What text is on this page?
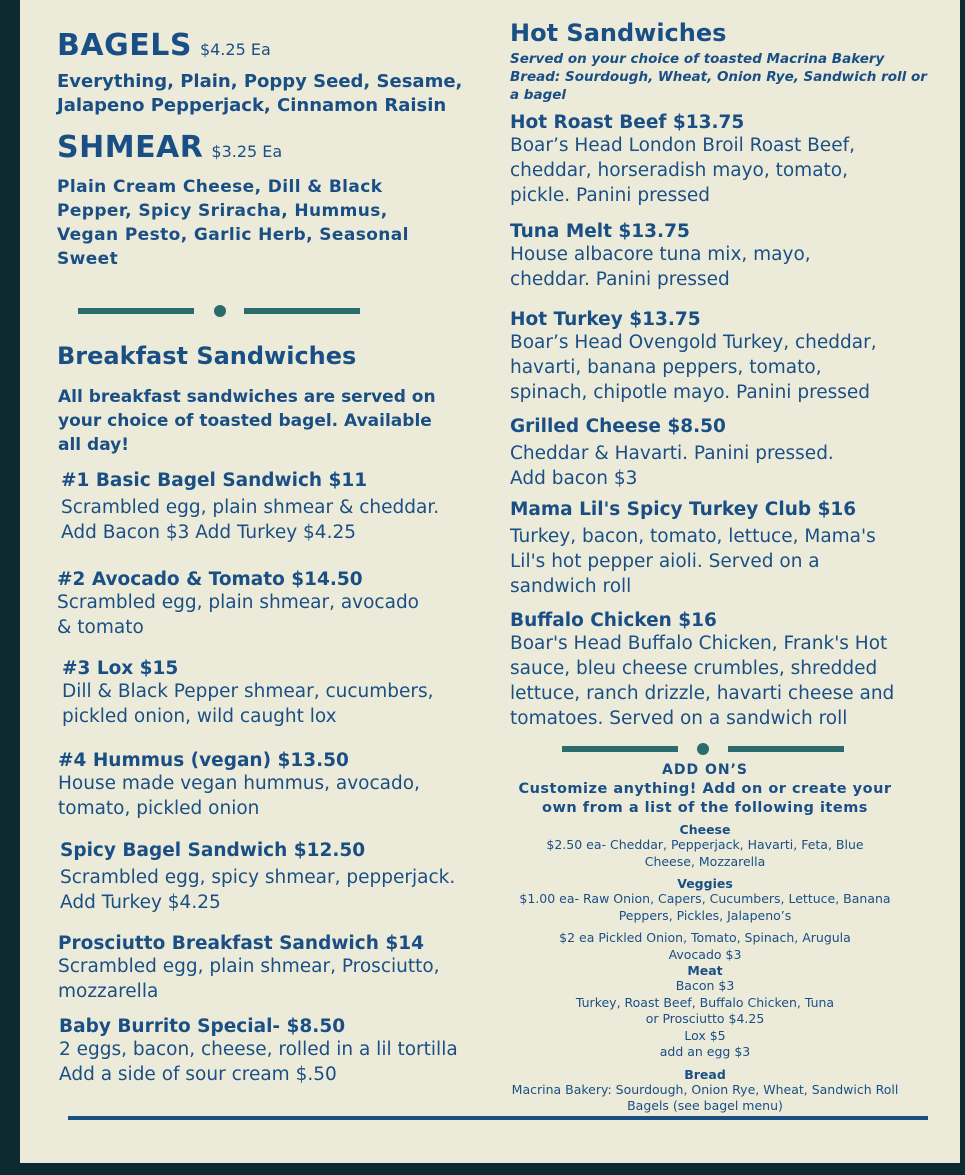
BAGELS $4.25 Ea
Everything, Plain, Poppy Seed, Sesame,
Jalapeno Pepperjack, Cinnamon Raisin
SHMEAR $3.25 Ea
Plain Cream Cheese, Dill & Black
Pepper, Spicy Sriracha, Hummus,
Vegan Pesto, Garlic Herb, Seasonal
Sweet
Breakfast Sandwiches
All breakfast sandwiches are served on
your choice of toasted bagel. Available
all day!
#1 Basic Bagel Sandwich $11
Scrambled egg, plain shmear & cheddar.
Add Bacon $3 Add Turkey $4.25
#2 Avocado & Tomato $14.50
Scrambled egg, plain shmear, avocado
& tomato
#3 Lox $15
Dill & Black Pepper shmear, cucumbers,
pickled onion, wild caught lox
#4 Hummus (vegan) $13.50
House made vegan hummus, avocado,
tomato, pickled onion
Spicy Bagel Sandwich $12.50
Scrambled egg, spicy shmear, pepperjack.
Add Turkey $4.25
Prosciutto Breakfast Sandwich $14
Scrambled egg, plain shmear, Prosciutto,
mozzarella
Baby Burrito Special- $8.50
2 eggs, bacon, cheese, rolled in a lil tortilla
Add a side of sour cream $.50
Hot Sandwiches
Served on your choice of toasted Macrina Bakery
Bread: Sourdough, Wheat, Onion Rye, Sandwich roll or
a bagel
Hot Roast Beef $13.75
Boar’s Head London Broil Roast Beef,
cheddar, horseradish mayo, tomato,
pickle. Panini pressed
Tuna Melt $13.75
House albacore tuna mix, mayo,
cheddar. Panini pressed
Hot Turkey $13.75
Boar’s Head Ovengold Turkey, cheddar,
havarti, banana peppers, tomato,
spinach, chipotle mayo. Panini pressed
Grilled Cheese $8.50
Cheddar & Havarti. Panini pressed.
Add bacon $3
Mama Lil's Spicy Turkey Club $16
Turkey, bacon, tomato, lettuce, Mama's
Lil's hot pepper aioli. Served on a
sandwich roll
Buffalo Chicken $16
Boar's Head Buffalo Chicken, Frank's Hot
sauce, bleu cheese crumbles, shredded
lettuce, ranch drizzle, havarti cheese and
tomatoes. Served on a sandwich roll
ADD ON’S
Customize anything! Add on or create your
own from a list of the following items
Cheese
$2.50 ea- Cheddar, Pepperjack, Havarti, Feta, Blue
Cheese, Mozzarella
Veggies
$1.00 ea- Raw Onion, Capers, Cucumbers, Lettuce, Banana
Peppers, Pickles, Jalapeno’s
$2 ea Pickled Onion, Tomato, Spinach, Arugula
Avocado $3
Meat
Bacon $3
Turkey, Roast Beef, Buffalo Chicken, Tuna
or Prosciutto $4.25
Lox $5
add an egg $3
Bread
Macrina Bakery: Sourdough, Onion Rye, Wheat, Sandwich Roll
Bagels (see bagel menu)
